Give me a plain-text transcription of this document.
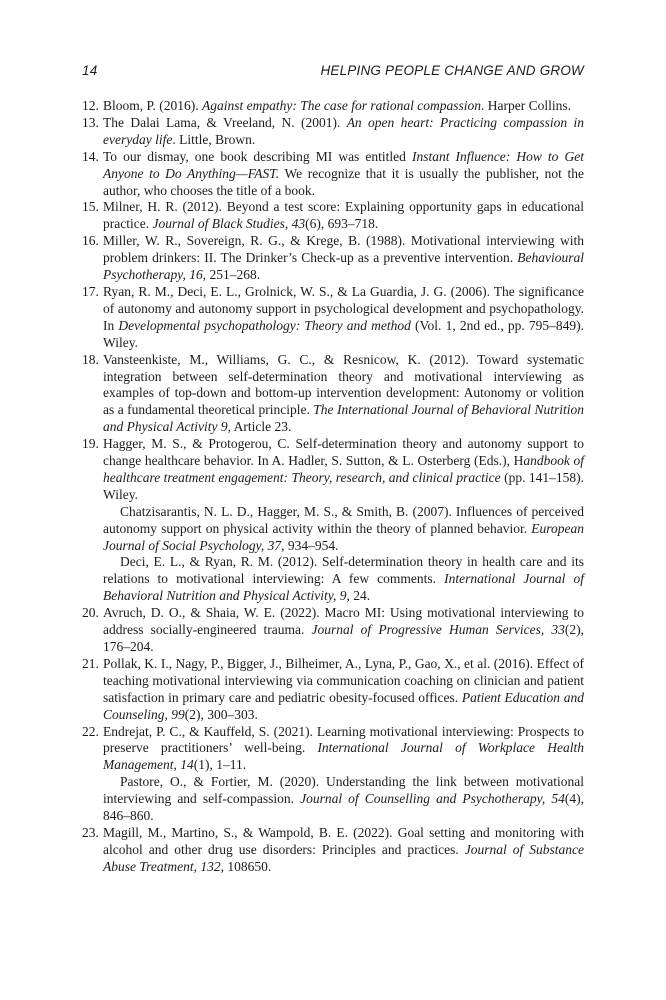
14	HELPING PEOPLE CHANGE AND GROW
12. Bloom, P. (2016). Against empathy: The case for rational compassion. Harper Collins.
13. The Dalai Lama, & Vreeland, N. (2001). An open heart: Practicing compassion in everyday life. Little, Brown.
14. To our dismay, one book describing MI was entitled Instant Influence: How to Get Anyone to Do Anything—FAST. We recognize that it is usually the publisher, not the author, who chooses the title of a book.
15. Milner, H. R. (2012). Beyond a test score: Explaining opportunity gaps in educational practice. Journal of Black Studies, 43(6), 693–718.
16. Miller, W. R., Sovereign, R. G., & Krege, B. (1988). Motivational interviewing with problem drinkers: II. The Drinker’s Check-up as a preventive intervention. Behavioural Psychotherapy, 16, 251–268.
17. Ryan, R. M., Deci, E. L., Grolnick, W. S., & La Guardia, J. G. (2006). The significance of autonomy and autonomy support in psychological development and psychopathology. In Developmental psychopathology: Theory and method (Vol. 1, 2nd ed., pp. 795–849). Wiley.
18. Vansteenkiste, M., Williams, G. C., & Resnicow, K. (2012). Toward systematic integration between self-determination theory and motivational interviewing as examples of top-down and bottom-up intervention development: Autonomy or volition as a fundamental theoretical principle. The International Journal of Behavioral Nutrition and Physical Activity 9, Article 23.
19. Hagger, M. S., & Protogerou, C. Self-determination theory and autonomy support to change healthcare behavior. In A. Hadler, S. Sutton, & L. Osterberg (Eds.), Handbook of healthcare treatment engagement: Theory, research, and clinical practice (pp. 141–158). Wiley.
Chatzisarantis, N. L. D., Hagger, M. S., & Smith, B. (2007). Influences of perceived autonomy support on physical activity within the theory of planned behavior. European Journal of Social Psychology, 37, 934–954.
Deci, E. L., & Ryan, R. M. (2012). Self-determination theory in health care and its relations to motivational interviewing: A few comments. International Journal of Behavioral Nutrition and Physical Activity, 9, 24.
20. Avruch, D. O., & Shaia, W. E. (2022). Macro MI: Using motivational interviewing to address socially-engineered trauma. Journal of Progressive Human Services, 33(2), 176–204.
21. Pollak, K. I., Nagy, P., Bigger, J., Bilheimer, A., Lyna, P., Gao, X., et al. (2016). Effect of teaching motivational interviewing via communication coaching on clinician and patient satisfaction in primary care and pediatric obesity-focused offices. Patient Education and Counseling, 99(2), 300–303.
22. Endrejat, P. C., & Kauffeld, S. (2021). Learning motivational interviewing: Prospects to preserve practitioners’ well-being. International Journal of Workplace Health Management, 14(1), 1–11.
Pastore, O., & Fortier, M. (2020). Understanding the link between motivational interviewing and self-compassion. Journal of Counselling and Psychotherapy, 54(4), 846–860.
23. Magill, M., Martino, S., & Wampold, B. E. (2022). Goal setting and monitoring with alcohol and other drug use disorders: Principles and practices. Journal of Substance Abuse Treatment, 132, 108650.
